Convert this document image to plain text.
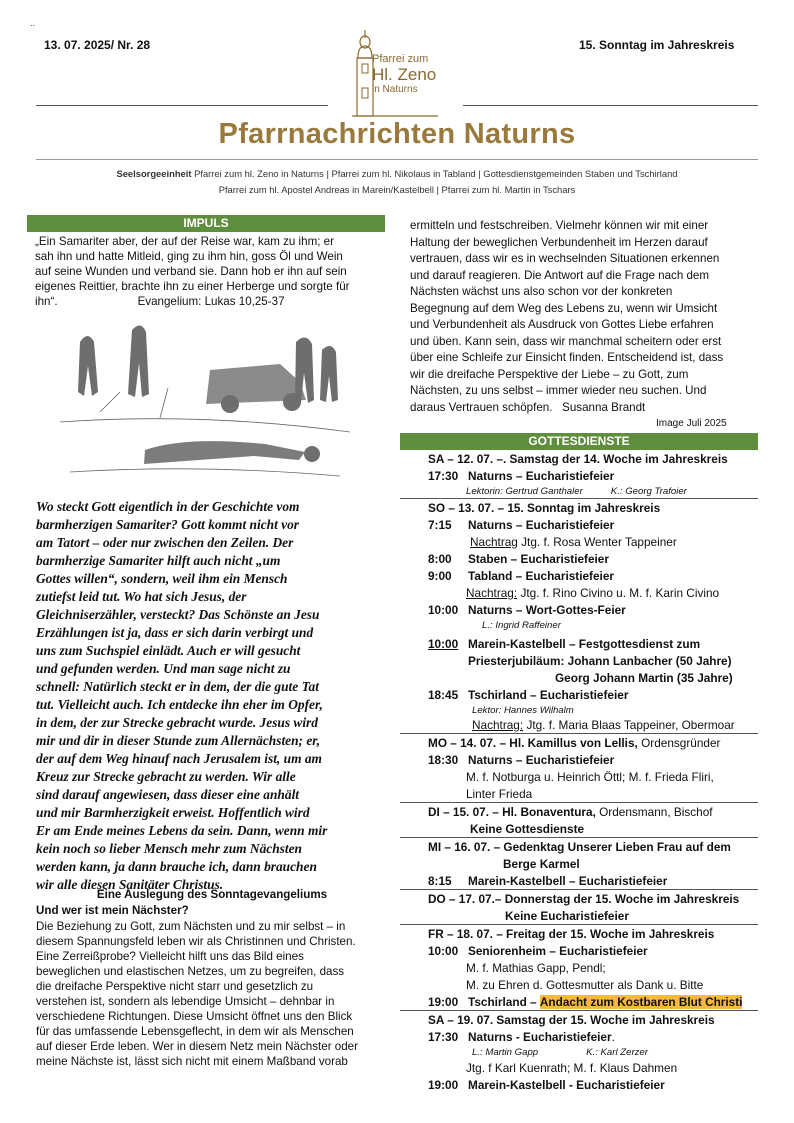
..
13. 07. 2025/ Nr. 28	15. Sonntag im Jahreskreis
Pfarrei zum
Hl. Zeno
in Naturns
Pfarrnachrichten Naturns
Seelsorgeeinheit Pfarrei zum hl. Zeno in Naturns | Pfarrei zum hl. Nikolaus in Tabland | Gottesdienstgemeinden Staben und Tschirland
Pfarrei zum hl. Apostel Andreas in Marein/Kastelbell | Pfarrei zum hl. Martin in Tschars
IMPULS
„Ein Samariter aber, der auf der Reise war, kam zu ihm; er
sah ihn und hatte Mitleid, ging zu ihm hin, goss Öl und Wein
auf seine Wunden und verband sie. Dann hob er ihn auf sein
eigenes Reittier, brachte ihn zu einer Herberge und sorgte für
ihn“.	Evangelium: Lukas 10,25-37
Wo steckt Gott eigentlich in der Geschichte vom
barmherzigen Samariter? Gott kommt nicht vor
am Tatort – oder nur zwischen den Zeilen. Der
barmherzige Samariter hilft auch nicht „um
Gottes willen“, sondern, weil ihm ein Mensch
zutiefst leid tut. Wo hat sich Jesus, der
Gleichniserzähler, versteckt? Das Schönste an Jesu
Erzählungen ist ja, dass er sich darin verbirgt und
uns zum Suchspiel einlädt. Auch er will gesucht
und gefunden werden. Und man sage nicht zu
schnell: Natürlich steckt er in dem, der die gute Tat
tut. Vielleicht auch. Ich entdecke ihn eher im Opfer,
in dem, der zur Strecke gebracht wurde. Jesus wird
mir und dir in dieser Stunde zum Allernächsten; er,
der auf dem Weg hinauf nach Jerusalem ist, um am
Kreuz zur Strecke gebracht zu werden. Wir alle
sind darauf angewiesen, dass dieser eine anhält
und mir Barmherzigkeit erweist. Hoffentlich wird
Er am Ende meines Lebens da sein. Dann, wenn mir
kein noch so lieber Mensch mehr zum Nächsten
werden kann, ja dann brauche ich, dann brauchen
wir alle diesen Sanitäter Christus.
Eine Auslegung des Sonntagevangeliums
Und wer ist mein Nächster?
Die Beziehung zu Gott, zum Nächsten und zu mir selbst – in
diesem Spannungsfeld leben wir als Christinnen und Christen.
Eine Zerreißprobe? Vielleicht hilft uns das Bild eines
beweglichen und elastischen Netzes, um zu begreifen, dass
die dreifache Perspektive nicht starr und gesetzlich zu
verstehen ist, sondern als lebendige Umsicht – dehnbar in
verschiedene Richtungen. Diese Umsicht öffnet uns den Blick
für das umfassende Lebensgeflecht, in dem wir als Menschen
auf dieser Erde leben. Wer in diesem Netz mein Nächster oder
meine Nächste ist, lässt sich nicht mit einem Maßband vorab
ermitteln und festschreiben. Vielmehr können wir mit einer
Haltung der beweglichen Verbundenheit im Herzen darauf
vertrauen, dass wir es in wechselnden Situationen erkennen
und darauf reagieren. Die Antwort auf die Frage nach dem
Nächsten wächst uns also schon vor der konkreten
Begegnung auf dem Weg des Lebens zu, wenn wir Umsicht
und Verbundenheit als Ausdruck von Gottes Liebe erfahren
und üben. Kann sein, dass wir manchmal scheitern oder erst
über eine Schleife zur Einsicht finden. Entscheidend ist, dass
wir die dreifache Perspektive der Liebe – zu Gott, zum
Nächsten, zu uns selbst – immer wieder neu suchen. Und
daraus Vertrauen schöpfen. Susanna Brandt
Image Juli 2025
GOTTESDIENSTE
SA – 12. 07. –. Samstag der 14. Woche im Jahreskreis
17:30 Naturns – Eucharistiefeier
Lektorin: Gertrud Ganthaler	K.: Georg Trafoier
SO – 13. 07. – 15. Sonntag im Jahreskreis
7:15 Naturns – Eucharistiefeier
Nachtrag Jtg. f. Rosa Wenter Tappeiner
8:00 Staben – Eucharistiefeier
9:00 Tabland – Eucharistiefeier
Nachtrag: Jtg. f. Rino Civino u. M. f. Karin Civino
10:00 Naturns – Wort-Gottes-Feier
L.: Ingrid Raffeiner
10:00 Marein-Kastelbell – Festgottesdienst zum
Priesterjubiläum: Johann Lanbacher (50 Jahre)
Georg Johann Martin (35 Jahre)
18:45 Tschirland – Eucharistiefeier
Lektor: Hannes Wilhalm
Nachtrag: Jtg. f. Maria Blaas Tappeiner, Obermoar
MO – 14. 07. – Hl. Kamillus von Lellis, Ordensgründer
18:30 Naturns – Eucharistiefeier
M. f. Notburga u. Heinrich Öttl; M. f. Frieda Fliri,
Linter Frieda
DI – 15. 07. – Hl. Bonaventura, Ordensmann, Bischof
Keine Gottesdienste
MI – 16. 07. – Gedenktag Unserer Lieben Frau auf dem
Berge Karmel
8:15 Marein-Kastelbell – Eucharistiefeier
DO – 17. 07.– Donnerstag der 15. Woche im Jahreskreis
Keine Eucharistiefeier
FR – 18. 07. – Freitag der 15. Woche im Jahreskreis
10:00 Seniorenheim – Eucharistiefeier
M. f. Mathias Gapp, Pendl;
M. zu Ehren d. Gottesmutter als Dank u. Bitte
19:00 Tschirland – Andacht zum Kostbaren Blut Christi
SA – 19. 07. Samstag der 15. Woche im Jahreskreis
17:30 Naturns - Eucharistiefeier.
L.: Martin Gapp	K.: Karl Zerzer
Jtg. f Karl Kuenrath; M. f. Klaus Dahmen
19:00 Marein-Kastelbell - Eucharistiefeier
